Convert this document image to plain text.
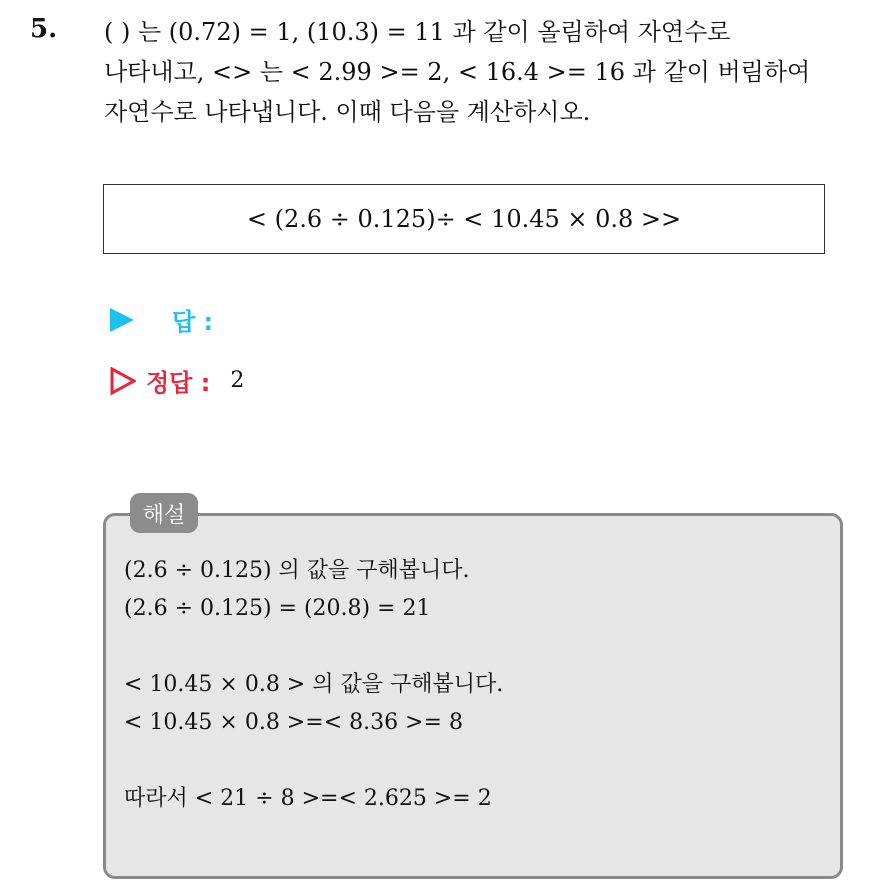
5. ( ) 는 (0.72) = 1, (10.3) = 11 과 같이 올림하여 자연수로
나타내고, <> 는 < 2.99 >= 2, < 16.4 >= 16 과 같이 버림하여
자연수로 나타냅니다. 이때 다음을 계산하시오.
< (2.6 ÷ 0.125)÷ < 10.45 × 0.8 >>
답 :
정답 : 2
해설
(2.6 ÷ 0.125) 의 값을 구해봅니다.
(2.6 ÷ 0.125) = (20.8) = 21
< 10.45 × 0.8 > 의 값을 구해봅니다.
< 10.45 × 0.8 >=< 8.36 >= 8
따라서 < 21 ÷ 8 >=< 2.625 >= 2
